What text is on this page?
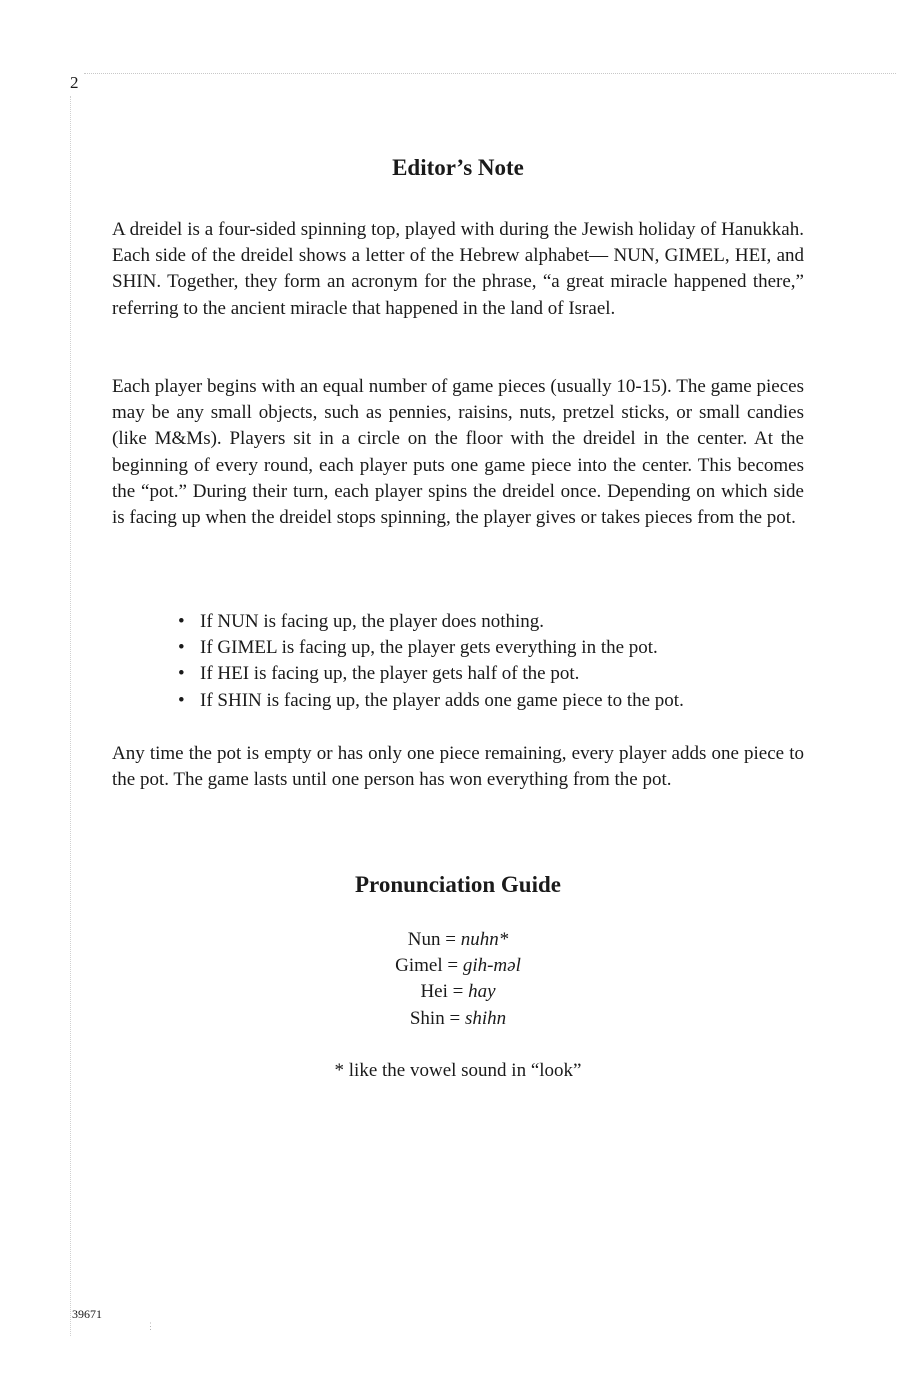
2
Editor’s Note

A dreidel is a four-sided spinning top, played with during the Jewish holiday of Hanukkah. Each side of the dreidel shows a letter of the Hebrew alphabet— NUN, GIMEL, HEI, and SHIN. Together, they form an acronym for the phrase, “a great miracle happened there,” referring to the ancient miracle that happened in the land of Israel.

Each player begins with an equal number of game pieces (usually 10-15). The game pieces may be any small objects, such as pennies, raisins, nuts, pretzel sticks, or small candies (like M&Ms). Players sit in a circle on the floor with the dreidel in the center. At the beginning of every round, each player puts one game piece into the center. This becomes the “pot.” During their turn, each player spins the dreidel once. Depending on which side is facing up when the dreidel stops spinning, the player gives or takes pieces from the pot.

• If NUN is facing up, the player does nothing.
• If GIMEL is facing up, the player gets everything in the pot.
• If HEI is facing up, the player gets half of the pot.
• If SHIN is facing up, the player adds one game piece to the pot.

Any time the pot is empty or has only one piece remaining, every player adds one piece to the pot. The game lasts until one person has won everything from the pot.

Pronunciation Guide
Nun = nuhn*
Gimel = gih-məl
Hei = hay
Shin = shihn
* like the vowel sound in “look”
39671
⋮
